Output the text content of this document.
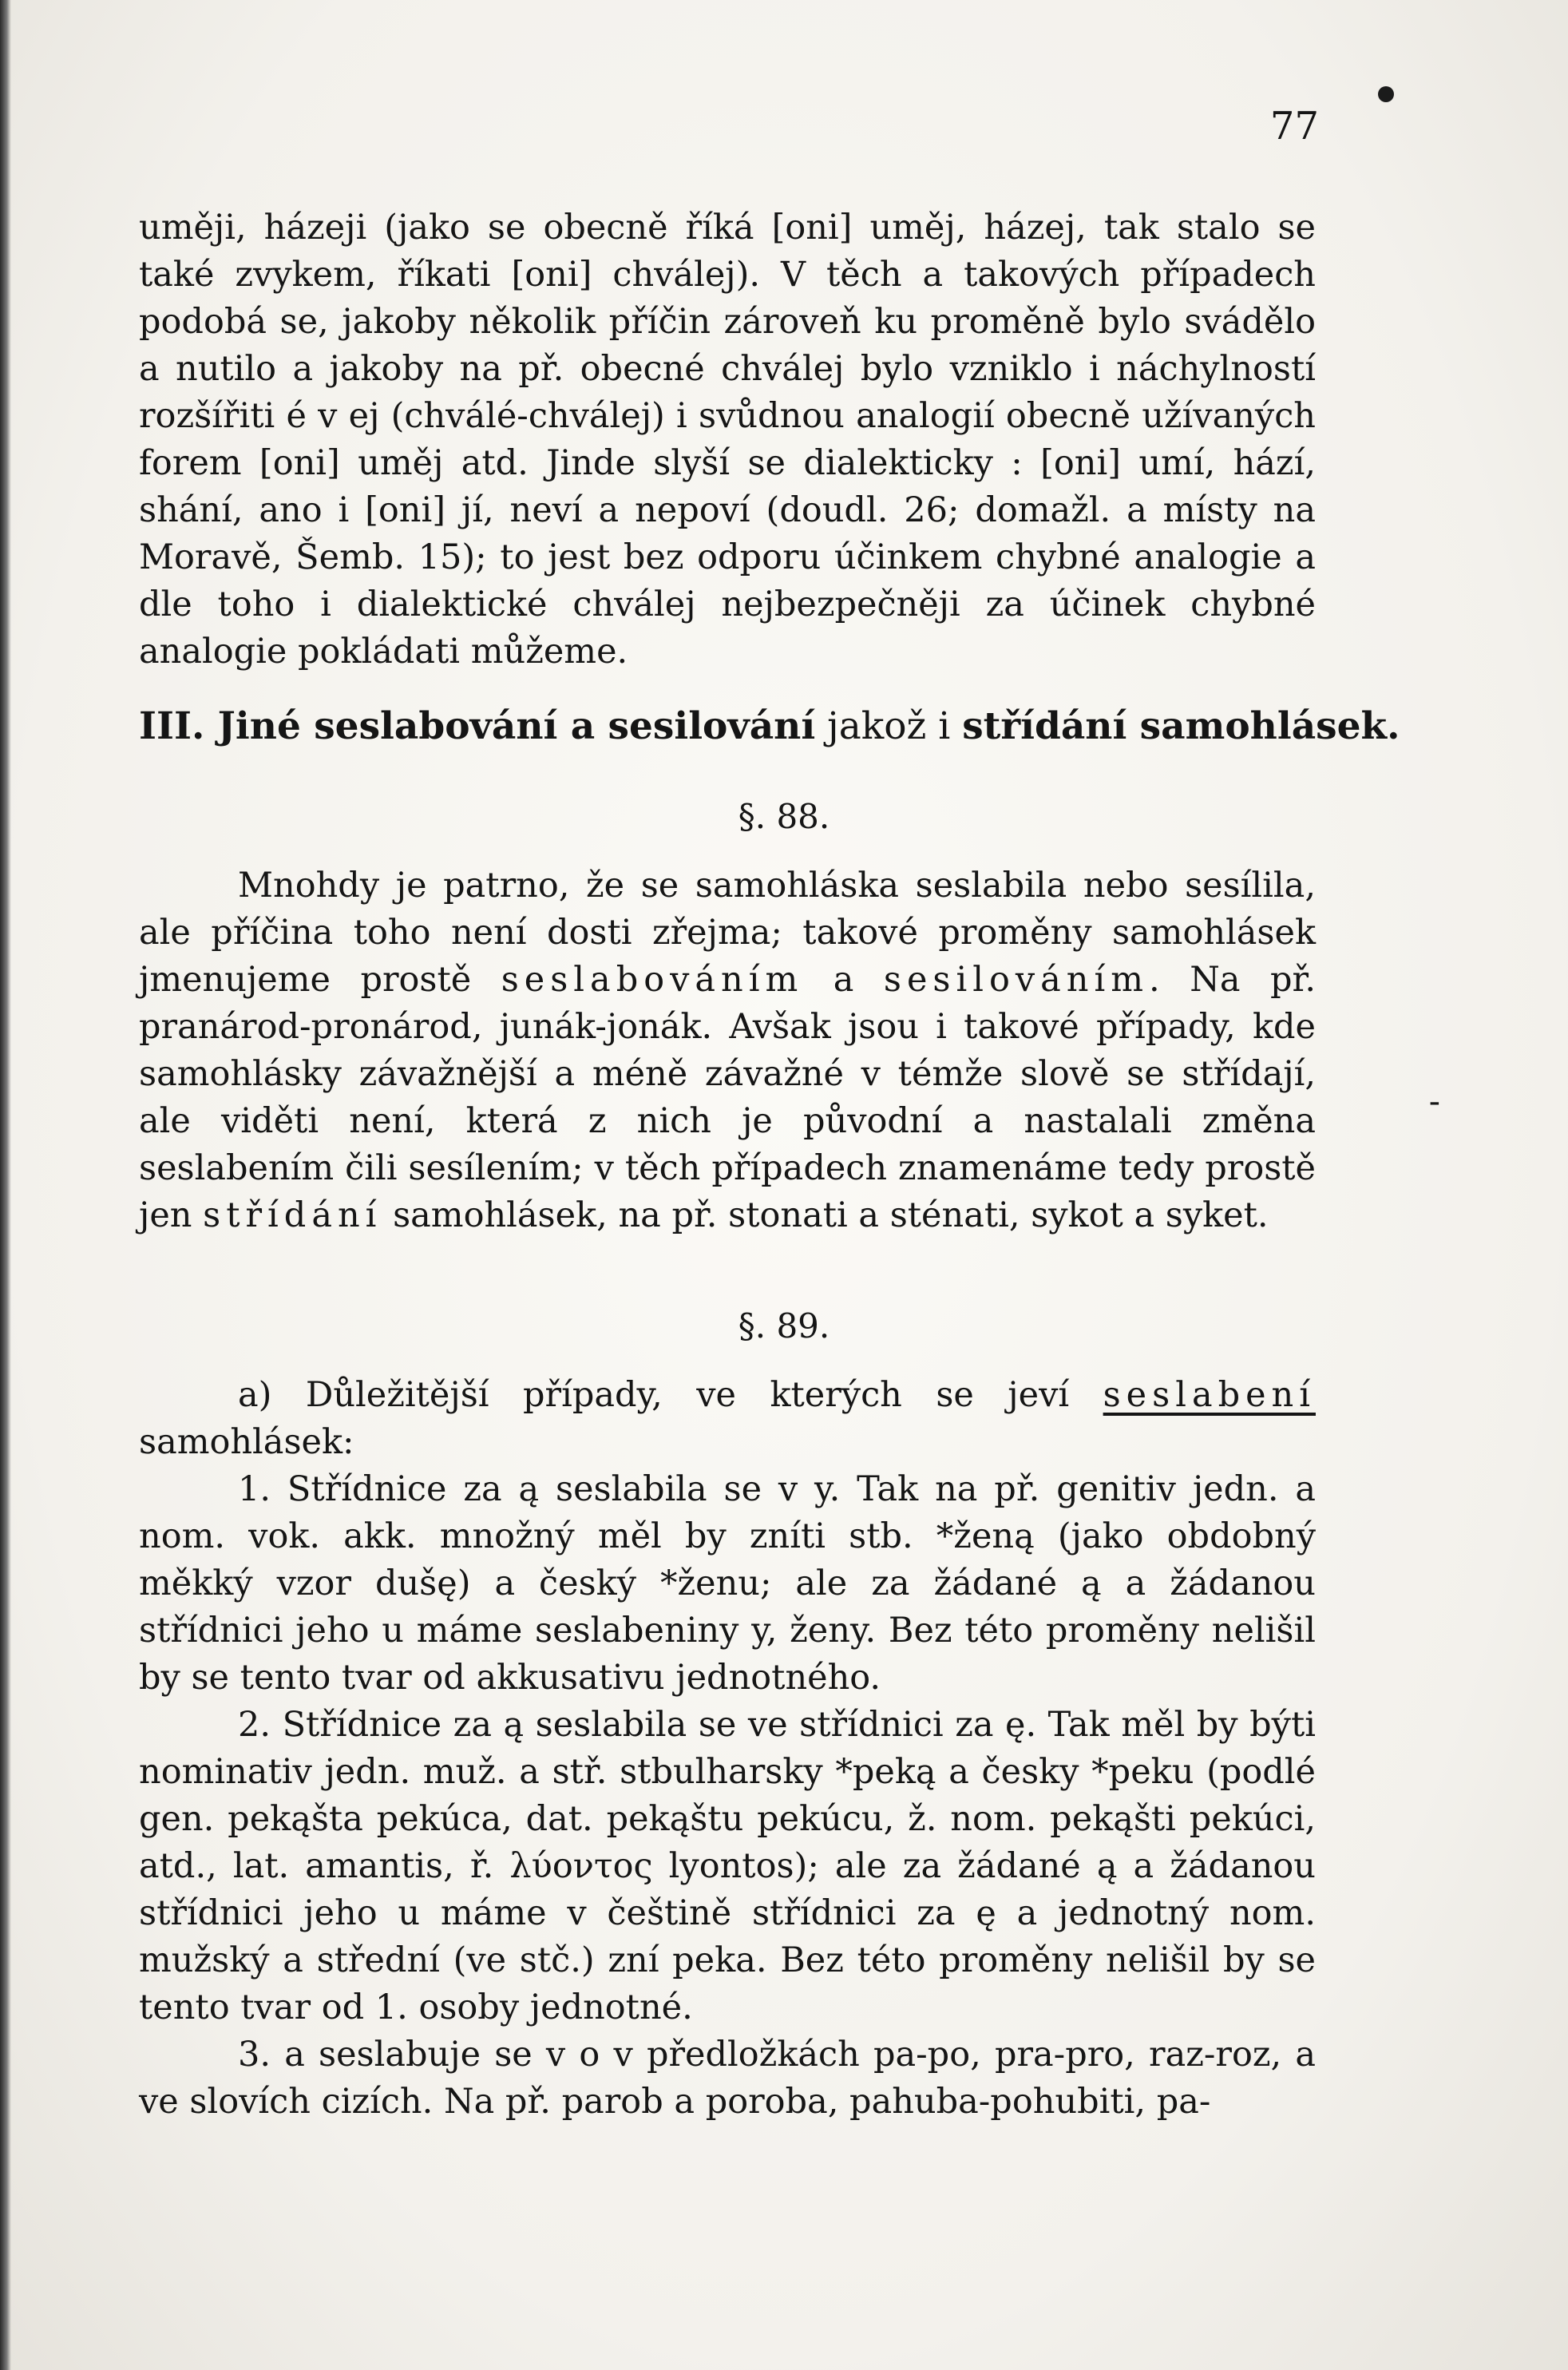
77

uměji, házeji (jako se obecně říká [oni] uměj, házej, tak stalo se také zvykem, říkati [oni] chválej). V těch a takových případech podobá se, jakoby několik příčin zároveň ku proměně bylo svádělo a nutilo a jakoby na př. obecné chválej bylo vzniklo i náchylností rozšířiti é v ej (chválé-chválej) i svůdnou analogií obecně užívaných forem [oni] uměj atd. Jinde slyší se dialekticky : [oni] umí, hází, shání, ano i [oni] jí, neví a nepoví (doudl. 26; domažl. a místy na Moravě, Šemb. 15); to jest bez odporu účinkem chybné analogie a dle toho i dialektické chválej nejbezpečněji za účinek chybné analogie pokládati můžeme.

III. Jiné seslabování a sesilování jakož i střídání samohlásek.
§. 88.

Mnohdy je patrno, že se samohláska seslabila nebo sesílila, ale příčina toho není dosti zřejma; takové proměny samohlásek jmenujeme prostě seslabováním a sesilováním. Na př. pranárod-pronárod, junák-jonák. Avšak jsou i takové případy, kde samohlásky závažnější a méně závažné v témže slově se střídají, ale viděti není, která z nich je původní a nastalali změna seslabením čili sesílením; v těch případech znamenáme tedy prostě jen střídání samohlásek, na př. stonati a sténati, sykot a syket.

-
§. 89.

a) Důležitější případy, ve kterých se jeví seslabení samohlásek:

1. Střídnice za ą seslabila se v y. Tak na př. genitiv jedn. a nom. vok. akk. množný měl by zníti stb. *ženą (jako obdobný měkký vzor dušę) a český *ženu; ale za žádané ą a žádanou střídnici jeho u máme seslabeniny y, ženy. Bez této proměny nelišil by se tento tvar od akkusativu jednotného.

2. Střídnice za ą seslabila se ve střídnici za ę. Tak měl by býti nominativ jedn. muž. a stř. stbulharsky *peką a česky *peku (podlé gen. pekąšta pekúca, dat. pekąštu pekúcu, ž. nom. pekąšti pekúci, atd., lat. amantis, ř. λύοντος lyontos); ale za žádané ą a žádanou střídnici jeho u máme v češtině střídnici za ę a jednotný nom. mužský a střední (ve stč.) zní peka. Bez této proměny nelišil by se tento tvar od 1. osoby jednotné.

3. a seslabuje se v o v předložkách pa-po, pra-pro, raz-roz, a ve slovích cizích. Na př. parob a poroba, pahuba-pohubiti, pa-
